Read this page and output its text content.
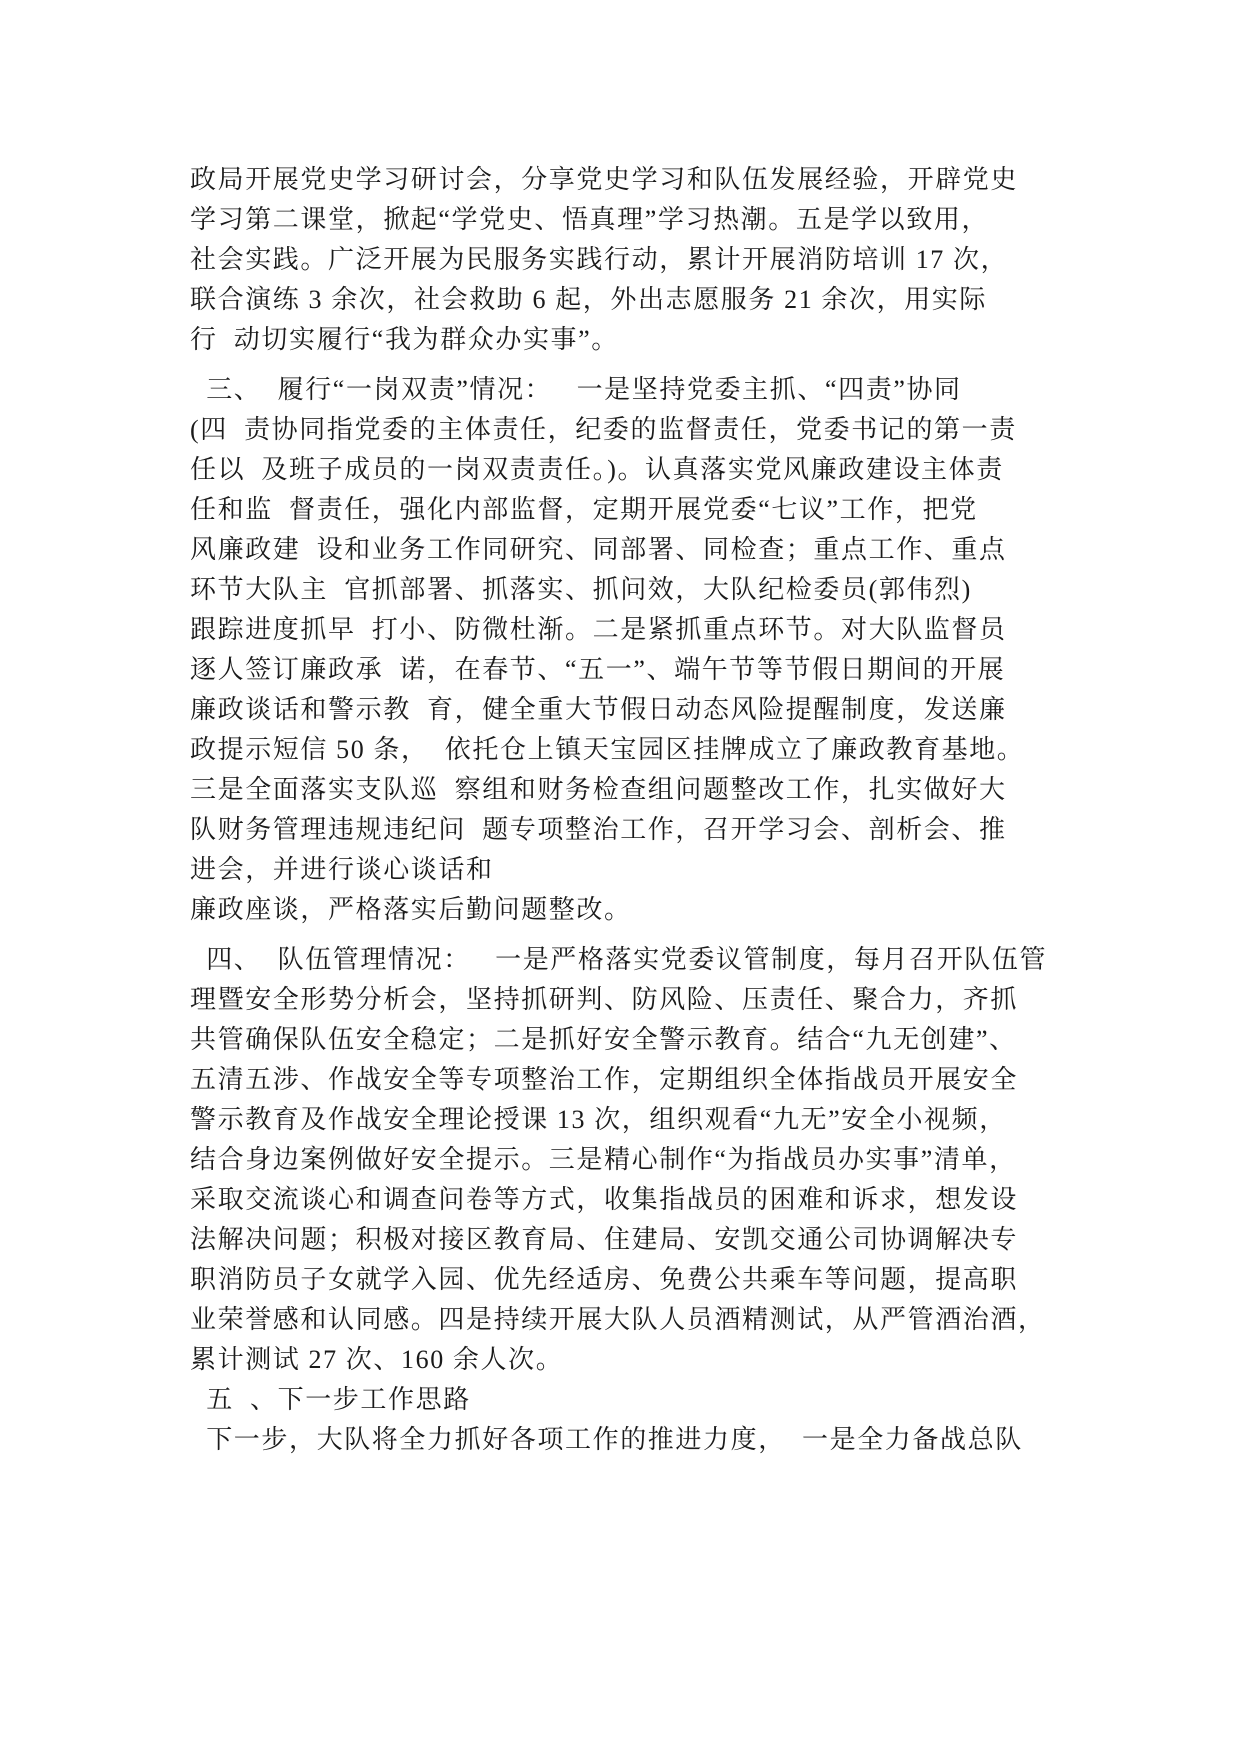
政局开展党史学习研讨会，分享党史学习和队伍发展经验，开辟党史
学习第二课堂，掀起“学党史、悟真理”学习热潮。五是学以致用，
社会实践。广泛开展为民服务实践行动，累计开展消防培训 17 次，
联合演练 3 余次，社会救助 6 起，外出志愿服务 21 余次，用实际
行  动切实履行“我为群众办实事”。
三、  履行“一岗双责”情况：   一是坚持党委主抓、“四责”协同
(四  责协同指党委的主体责任，纪委的监督责任，党委书记的第一责
任以  及班子成员的一岗双责责任。)。认真落实党风廉政建设主体责
任和监  督责任，强化内部监督，定期开展党委“七议”工作，把党
风廉政建  设和业务工作同研究、同部署、同检查；重点工作、重点
环节大队主  官抓部署、抓落实、抓问效，大队纪检委员(郭伟烈)
跟踪进度抓早  打小、防微杜渐。二是紧抓重点环节。对大队监督员
逐人签订廉政承  诺，在春节、“五一”、端午节等节假日期间的开展
廉政谈话和警示教  育，健全重大节假日动态风险提醒制度，发送廉
政提示短信 50 条，  依托仓上镇天宝园区挂牌成立了廉政教育基地。
三是全面落实支队巡  察组和财务检查组问题整改工作，扎实做好大
队财务管理违规违纪问  题专项整治工作，召开学习会、剖析会、推
进会，并进行谈心谈话和
廉政座谈，严格落实后勤问题整改。
四、  队伍管理情况：   一是严格落实党委议管制度，每月召开队伍管
理暨安全形势分析会，坚持抓研判、防风险、压责任、聚合力，齐抓
共管确保队伍安全稳定；二是抓好安全警示教育。结合“九无创建”、
五清五涉、作战安全等专项整治工作，定期组织全体指战员开展安全
警示教育及作战安全理论授课 13 次，组织观看“九无”安全小视频，
结合身边案例做好安全提示。三是精心制作“为指战员办实事”清单，
采取交流谈心和调查问卷等方式，收集指战员的困难和诉求，想发设
法解决问题；积极对接区教育局、住建局、安凯交通公司协调解决专
职消防员子女就学入园、优先经适房、免费公共乘车等问题，提高职
业荣誉感和认同感。四是持续开展大队人员酒精测试，从严管酒治酒，
累计测试 27 次、160 余人次。
五  、下一步工作思路
下一步，大队将全力抓好各项工作的推进力度，  一是全力备战总队
